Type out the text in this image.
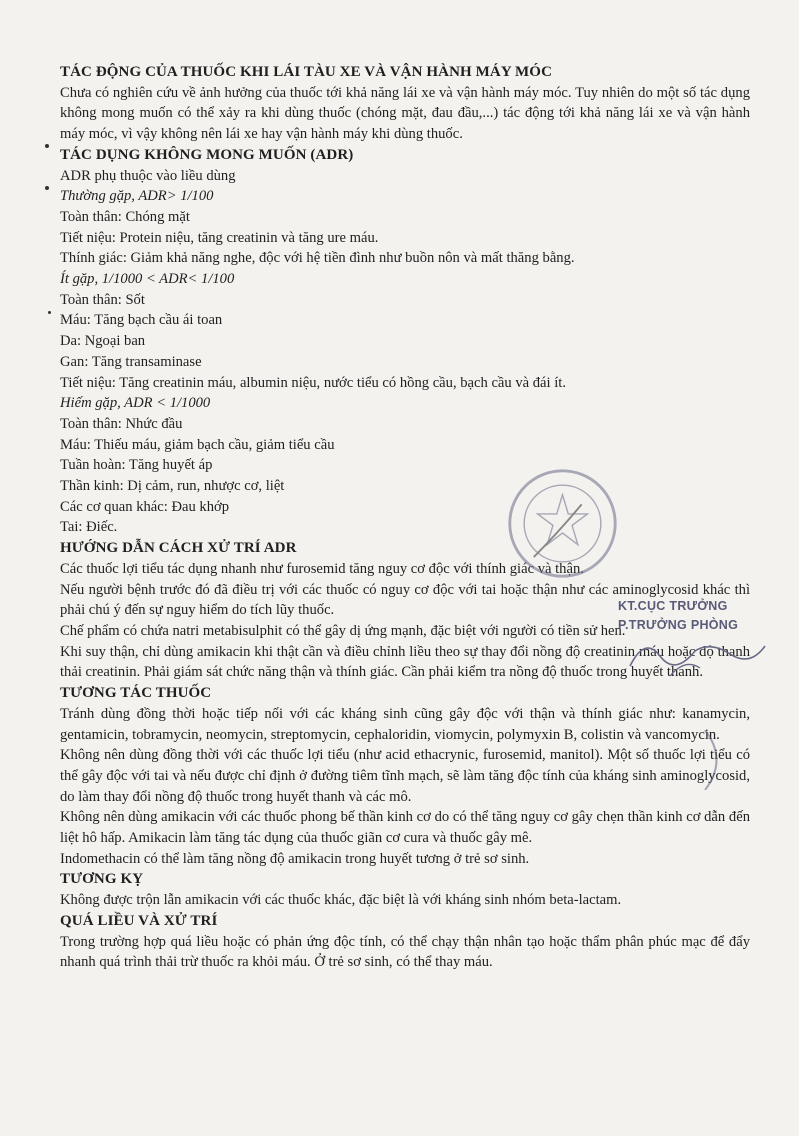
TÁC ĐỘNG CỦA THUỐC KHI LÁI TÀU XE VÀ VẬN HÀNH MÁY MÓC
Chưa có nghiên cứu về ảnh hưởng của thuốc tới khả năng lái xe và vận hành máy móc. Tuy nhiên do một số tác dụng không mong muốn có thể xảy ra khi dùng thuốc (chóng mặt, đau đầu,...) tác động tới khả năng lái xe và vận hành máy móc, vì vậy không nên lái xe hay vận hành máy khi dùng thuốc.
TÁC DỤNG KHÔNG MONG MUỐN (ADR)
ADR phụ thuộc vào liều dùng
Thường gặp, ADR> 1/100
Toàn thân: Chóng mặt
Tiết niệu: Protein niệu, tăng creatinin và tăng ure máu.
Thính giác: Giảm khả năng nghe, độc với hệ tiền đình như buồn nôn và mất thăng bằng.
Ít gặp, 1/1000 < ADR< 1/100
Toàn thân: Sốt
Máu: Tăng bạch cầu ái toan
Da: Ngoại ban
Gan: Tăng transaminase
Tiết niệu: Tăng creatinin máu, albumin niệu, nước tiểu có hồng cầu, bạch cầu và đái ít.
Hiếm gặp, ADR < 1/1000
Toàn thân: Nhức đầu
Máu: Thiếu máu, giảm bạch cầu, giảm tiểu cầu
Tuần hoàn: Tăng huyết áp
Thần kinh: Dị cảm, run, nhược cơ, liệt
Các cơ quan khác: Đau khớp
Tai: Điếc.
HƯỚNG DẪN CÁCH XỬ TRÍ ADR
Các thuốc lợi tiểu tác dụng nhanh như furosemid tăng nguy cơ độc với thính giác và thận.
Nếu người bệnh trước đó đã điều trị với các thuốc có nguy cơ độc với tai hoặc thận như các aminoglycosid khác thì phải chú ý đến sự nguy hiểm do tích lũy thuốc.
Chế phẩm có chứa natri metabisulphit có thể gây dị ứng mạnh, đặc biệt với người có tiền sử hen.
Khi suy thận, chỉ dùng amikacin khi thật cần và điều chỉnh liều theo sự thay đổi nồng độ creatinin máu hoặc độ thanh thải creatinin. Phải giám sát chức năng thận và thính giác. Cần phải kiểm tra nồng độ thuốc trong huyết thanh.
TƯƠNG TÁC THUỐC
Tránh dùng đồng thời hoặc tiếp nối với các kháng sinh cũng gây độc với thận và thính giác như: kanamycin, gentamicin, tobramycin, neomycin, streptomycin, cephaloridin, viomycin, polymyxin B, colistin và vancomycin.
Không nên dùng đồng thời với các thuốc lợi tiểu (như acid ethacrynic, furosemid, manitol). Một số thuốc lợi tiểu có thể gây độc với tai và nếu được chỉ định ở đường tiêm tĩnh mạch, sẽ làm tăng độc tính của kháng sinh aminoglycosid, do làm thay đổi nồng độ thuốc trong huyết thanh và các mô.
Không nên dùng amikacin với các thuốc phong bế thần kinh cơ do có thể tăng nguy cơ gây chẹn thần kinh cơ dẫn đến liệt hô hấp. Amikacin làm tăng tác dụng của thuốc giãn cơ cura và thuốc gây mê.
Indomethacin có thể làm tăng nồng độ amikacin trong huyết tương ở trẻ sơ sinh.
TƯƠNG KỴ
Không được trộn lẫn amikacin với các thuốc khác, đặc biệt là với kháng sinh nhóm beta-lactam.
QUÁ LIỀU VÀ XỬ TRÍ
Trong trường hợp quá liều hoặc có phản ứng độc tính, có thể chạy thận nhân tạo hoặc thẩm phân phúc mạc để đẩy nhanh quá trình thải trừ thuốc ra khỏi máu. Ở trẻ sơ sinh, có thể thay máu.
KT.CỤC TRƯỞNG
P.TRƯỞNG PHÒNG
